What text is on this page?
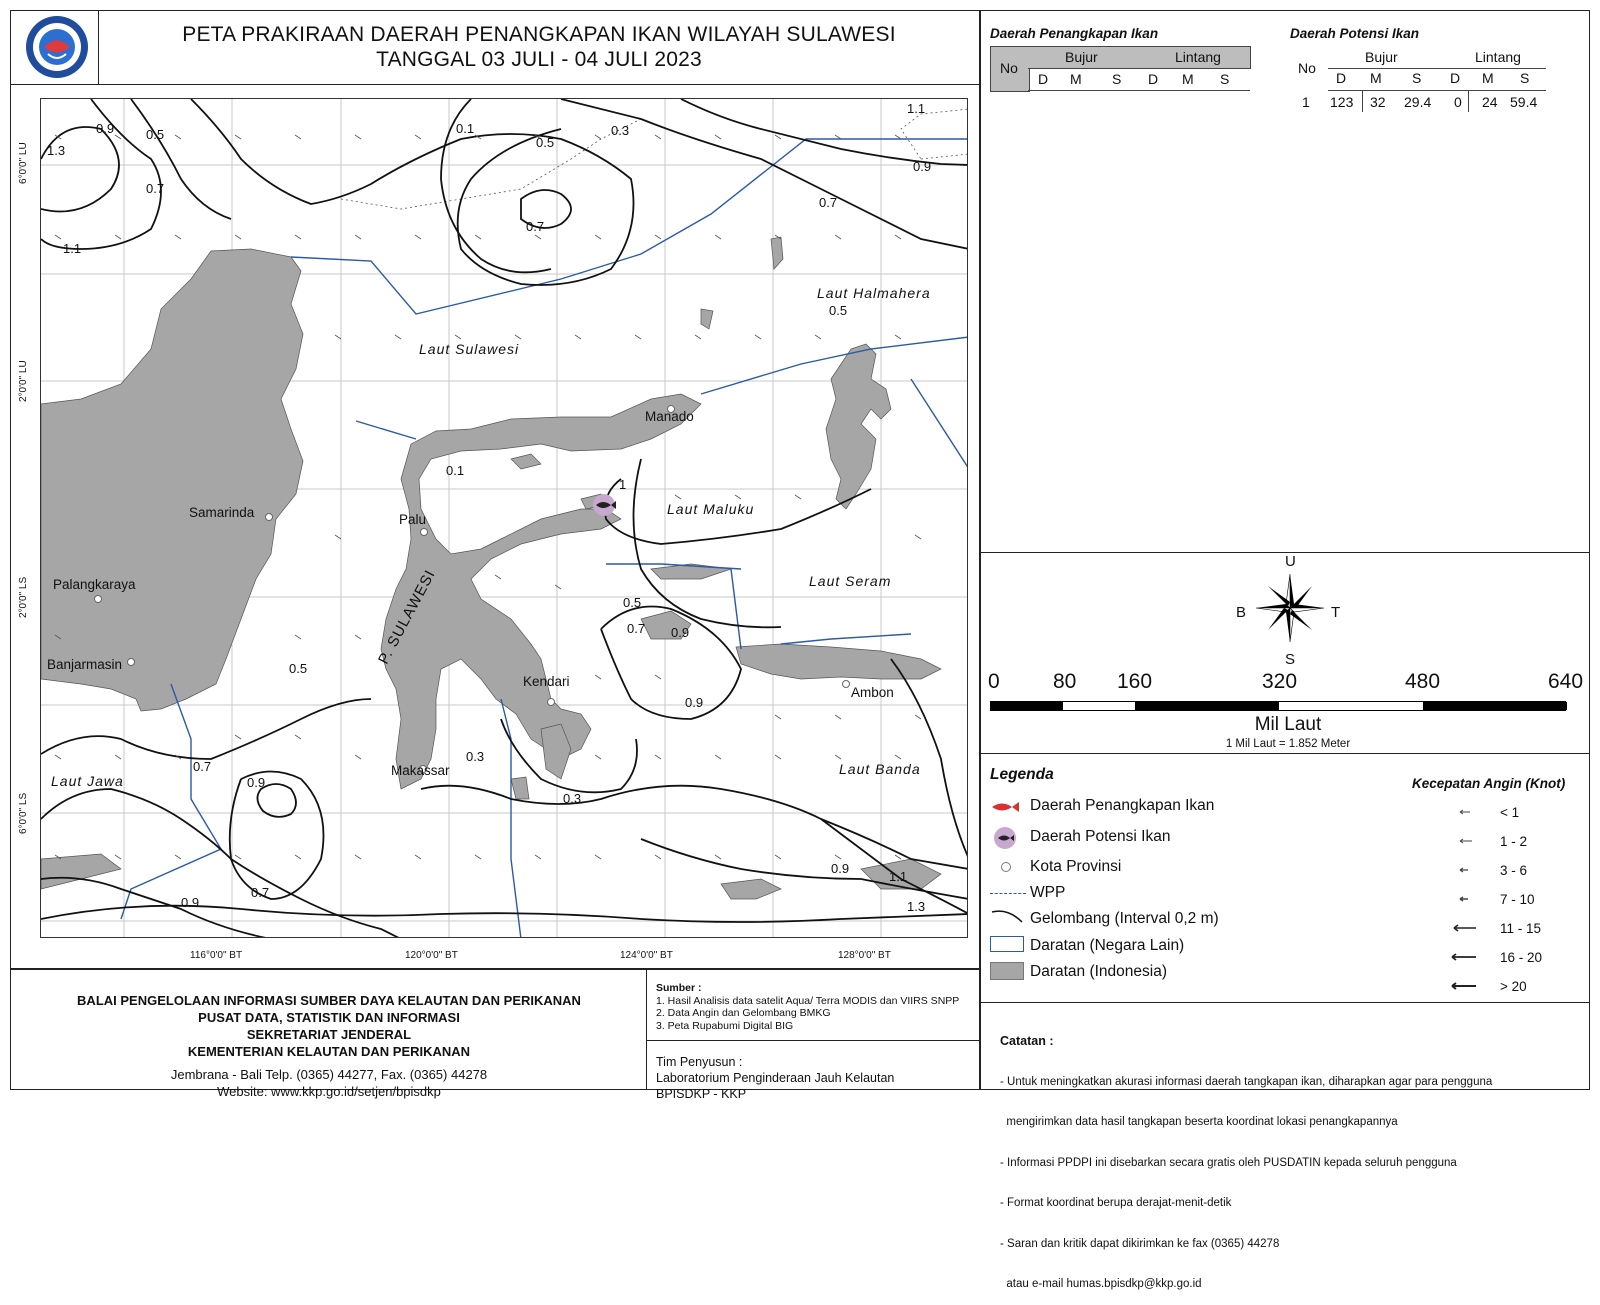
PETA PRAKIRAAN DAERAH PENANGKAPAN IKAN WILAYAH SULAWESI
TANGGAL 03 JULI - 04 JULI 2023
0.9 0.5
1.3
0.7
1.1
0.1
0.5
0.3
0.7
0.9
0.7
1.1
0.5
0.1
1
0.5
0.7 0.9
0.9
0.5
0.3
0.7
0.9
0.7
0.9
1.1
1.3
0.9
0.3
Manado
Samarinda	Palu
Palangkaraya
Banjarmasin
Kendari
Makassar
Ambon
Laut Sulawesi
Laut Halmahera
Laut Maluku
Laut Seram
Laut Banda
Laut Jawa
P. SULAWESI
6°0'0" LU
2°0'0" LU
2°0'0" LS
6°0'0" LS
116°0'0" BT	120°0'0" BT	124°0'0" BT	128°0'0" BT
Daerah Penangkapan Ikan
No
Bujur	Lintang
D M S D M S
Daerah Potensi Ikan
No
Bujur	Lintang
D M S D M S
1 123 32 29.4 0 24 59.4
U
S
B	T
0	80 160	320	480	640
Mil Laut
1 Mil Laut = 1.852 Meter
Legenda
Daerah Penangkapan Ikan
Daerah Potensi Ikan
Kota Provinsi
WPP
Gelombang (Interval 0,2 m)
Daratan (Negara Lain)
Daratan (Indonesia)
Kecepatan Angin (Knot)
< 1
1 - 2
3 - 6
7 - 10
11 - 15
16 - 20
> 20
BALAI PENGELOLAAN INFORMASI SUMBER DAYA KELAUTAN DAN PERIKANAN
PUSAT DATA, STATISTIK DAN INFORMASI
SEKRETARIAT JENDERAL
KEMENTERIAN KELAUTAN DAN PERIKANAN
Jembrana - Bali Telp. (0365) 44277, Fax. (0365) 44278
Website: www.kkp.go.id/setjen/bpisdkp
Sumber :
1. Hasil Analisis data satelit Aqua/ Terra MODIS dan VIIRS SNPP
2. Data Angin dan Gelombang BMKG
3. Peta Rupabumi Digital BIG
Tim Penyusun :
Laboratorium Penginderaan Jauh Kelautan
BPISDKP - KKP

Catatan :

- Untuk meningkatkan akurasi informasi daerah tangkapan ikan, diharapkan agar para pengguna

mengirimkan data hasil tangkapan beserta koordinat lokasi penangkapannya

- Informasi PPDPI ini disebarkan secara gratis oleh PUSDATIN kepada seluruh pengguna

- Format koordinat berupa derajat-menit-detik

- Saran dan kritik dapat dikirimkan ke fax (0365) 44278

atau e-mail humas.bpisdkp@kkp.go.id
